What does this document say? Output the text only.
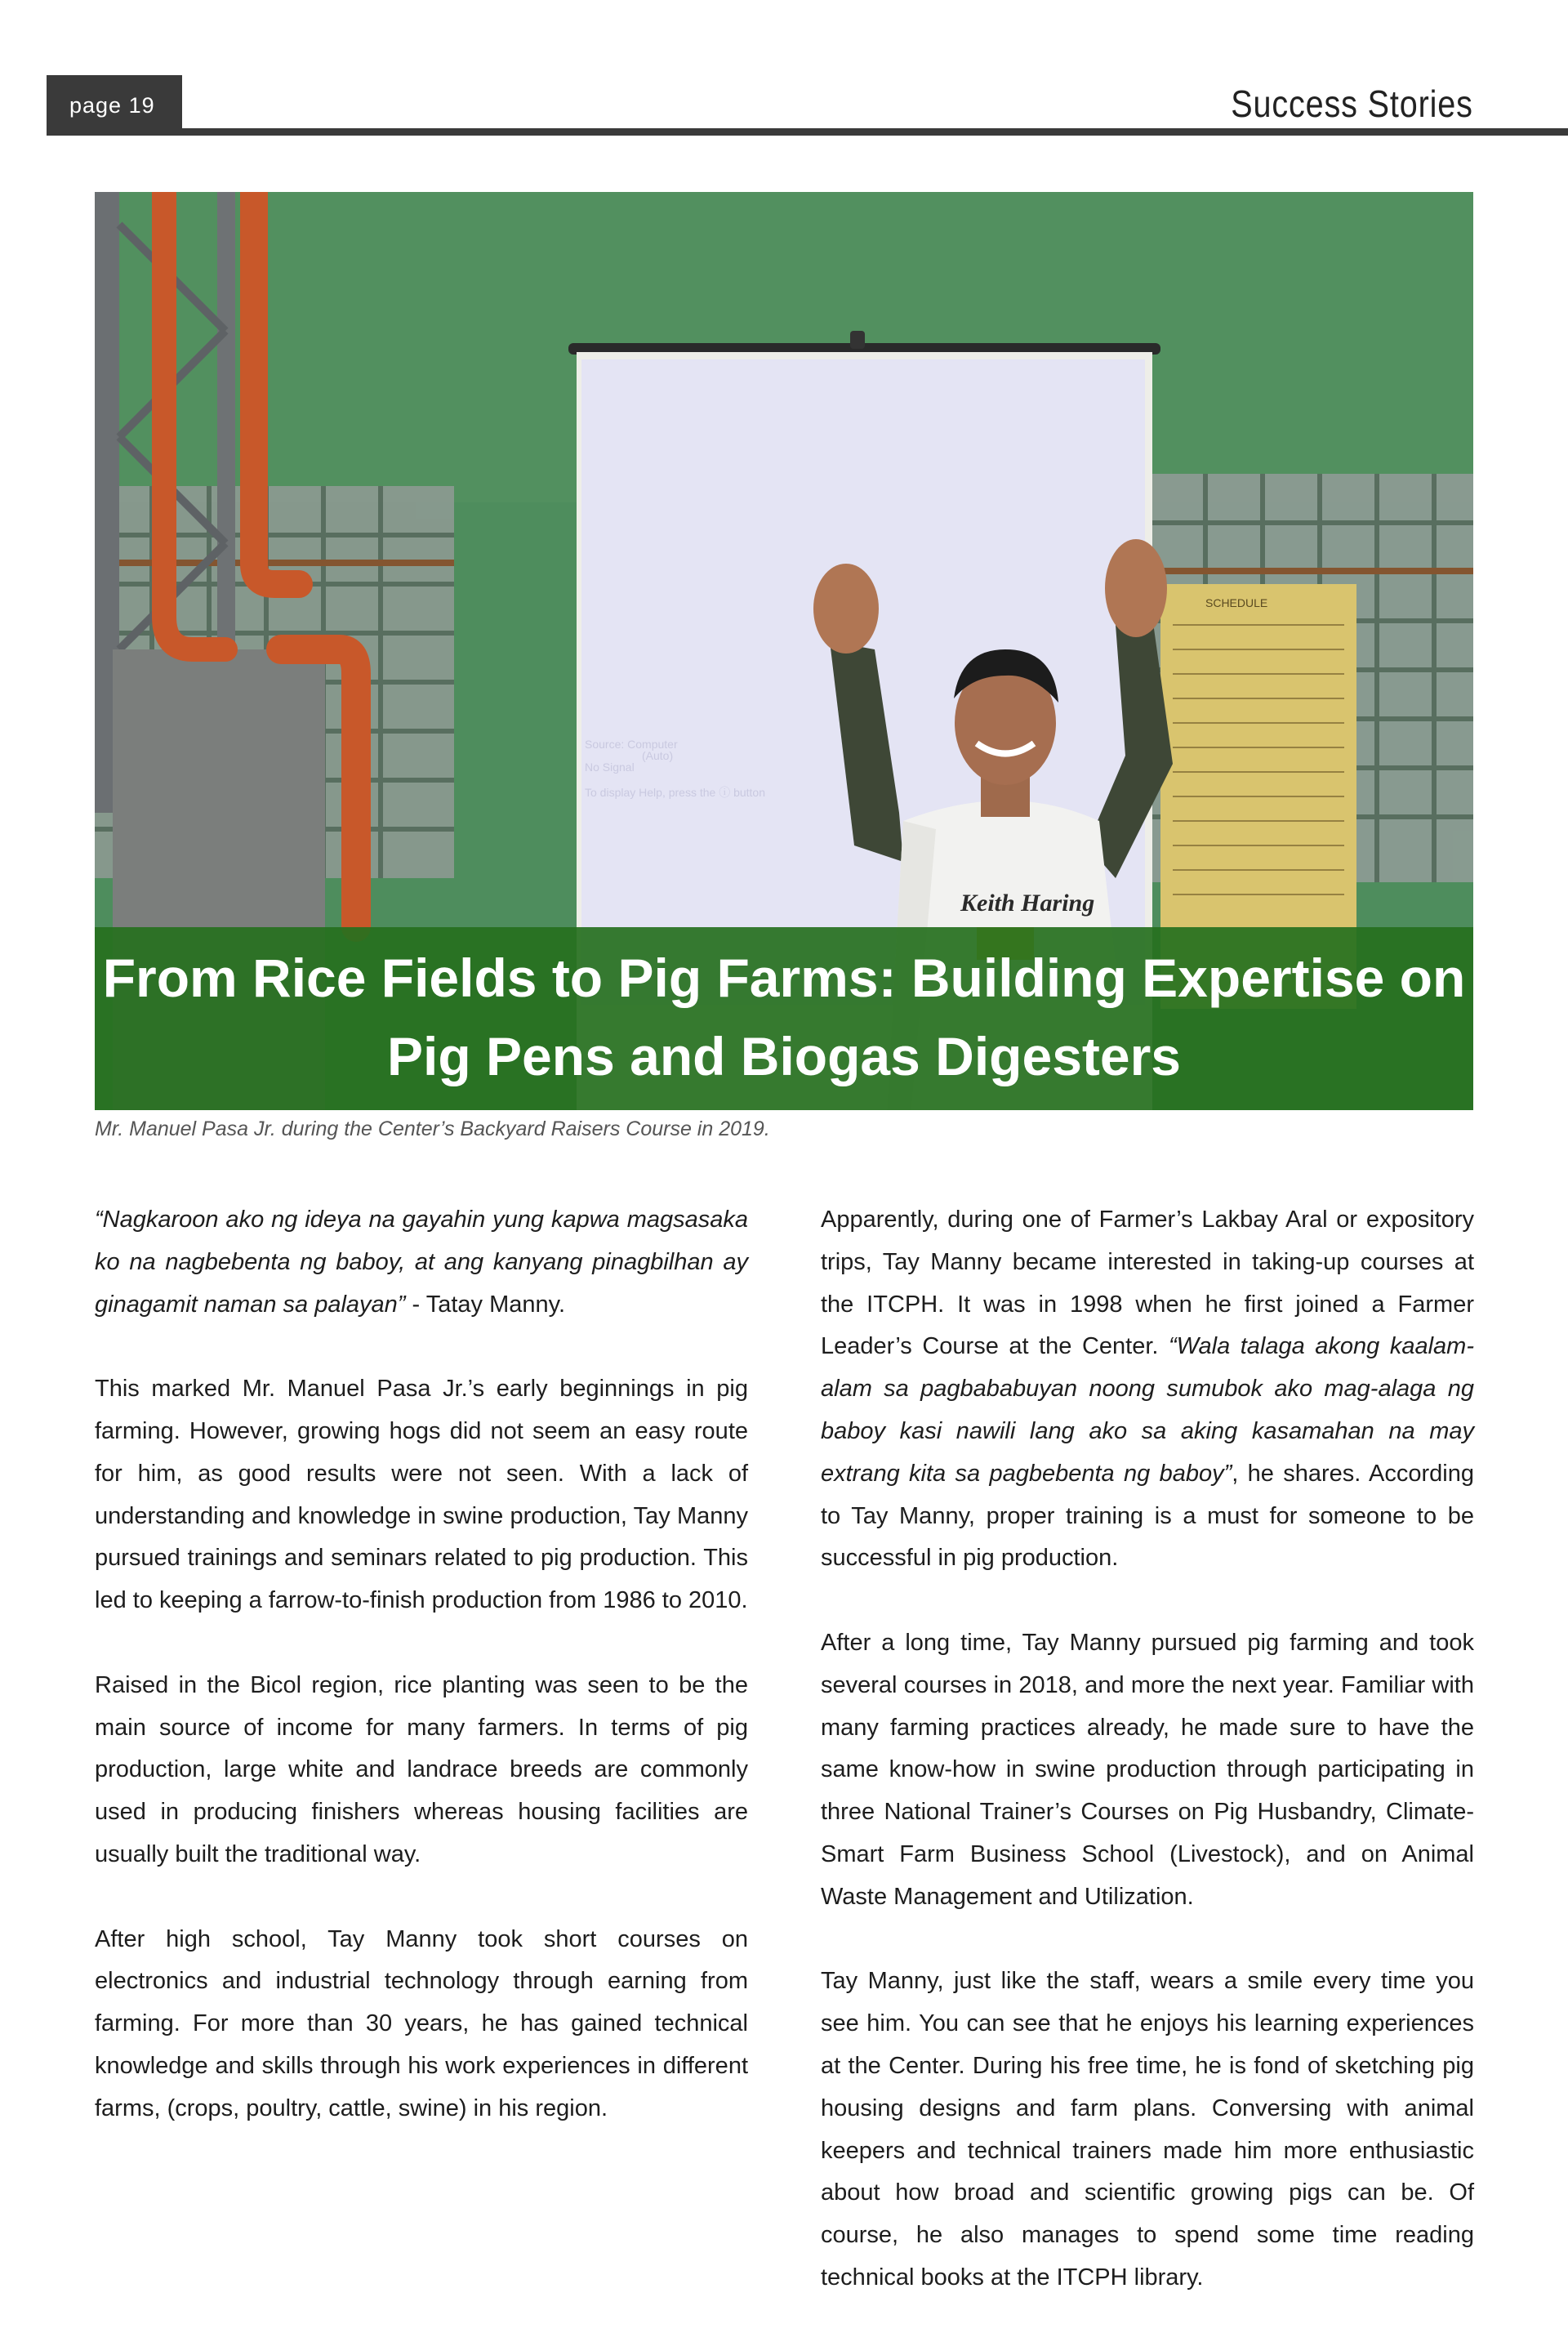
page 19	Success Stories
Source: Computer
(Auto)
No Signal
To display Help, press the ⓘ button
SCHEDULE
Keith Haring
From Rice Fields to Pig Farms: Building Expertise on
Pig Pens and Biogas Digesters
Mr. Manuel Pasa Jr. during the Center’s Backyard Raisers Course in 2019.

“Nagkaroon ako ng ideya na gayahin yung kapwa magsasaka ko na nagbebenta ng baboy, at ang kanyang pinagbilhan ay ginagamit naman sa palayan” - Tatay Manny.

This marked Mr. Manuel Pasa Jr.’s early beginnings in pig farming. However, growing hogs did not seem an easy route for him, as good results were not seen. With a lack of understanding and knowledge in swine production, Tay Manny pursued trainings and seminars related to pig production. This led to keeping a farrow-to-finish production from 1986 to 2010.

Raised in the Bicol region, rice planting was seen to be the main source of income for many farmers. In terms of pig production, large white and landrace breeds are commonly used in producing finishers whereas housing facilities are usually built the traditional way.

After high school, Tay Manny took short courses on electronics and industrial technology through earning from farming. For more than 30 years, he has gained technical knowledge and skills through his work experiences in different farms, (crops, poultry, cattle, swine) in his region.

Apparently, during one of Farmer’s Lakbay Aral or expository trips, Tay Manny became interested in taking-up courses at the ITCPH. It was in 1998 when he first joined a Farmer Leader’s Course at the Center. “Wala talaga akong kaalam-alam sa pagbababuyan noong sumubok ako mag-alaga ng baboy kasi nawili lang ako sa aking kasamahan na may extrang kita sa pagbebenta ng baboy”, he shares. According to Tay Manny, proper training is a must for someone to be successful in pig production.

After a long time, Tay Manny pursued pig farming and took several courses in 2018, and more the next year. Familiar with many farming practices already, he made sure to have the same know-how in swine production through participating in three National Trainer’s Courses on Pig Husbandry, Climate-Smart Farm Business School (Livestock), and on Animal Waste Management and Utilization.

Tay Manny, just like the staff, wears a smile every time you see him. You can see that he enjoys his learning experiences at the Center. During his free time, he is fond of sketching pig housing designs and farm plans. Conversing with animal keepers and technical trainers made him more enthusiastic about how broad and scientific growing pigs can be. Of course, he also manages to spend some time reading technical books at the ITCPH library.
